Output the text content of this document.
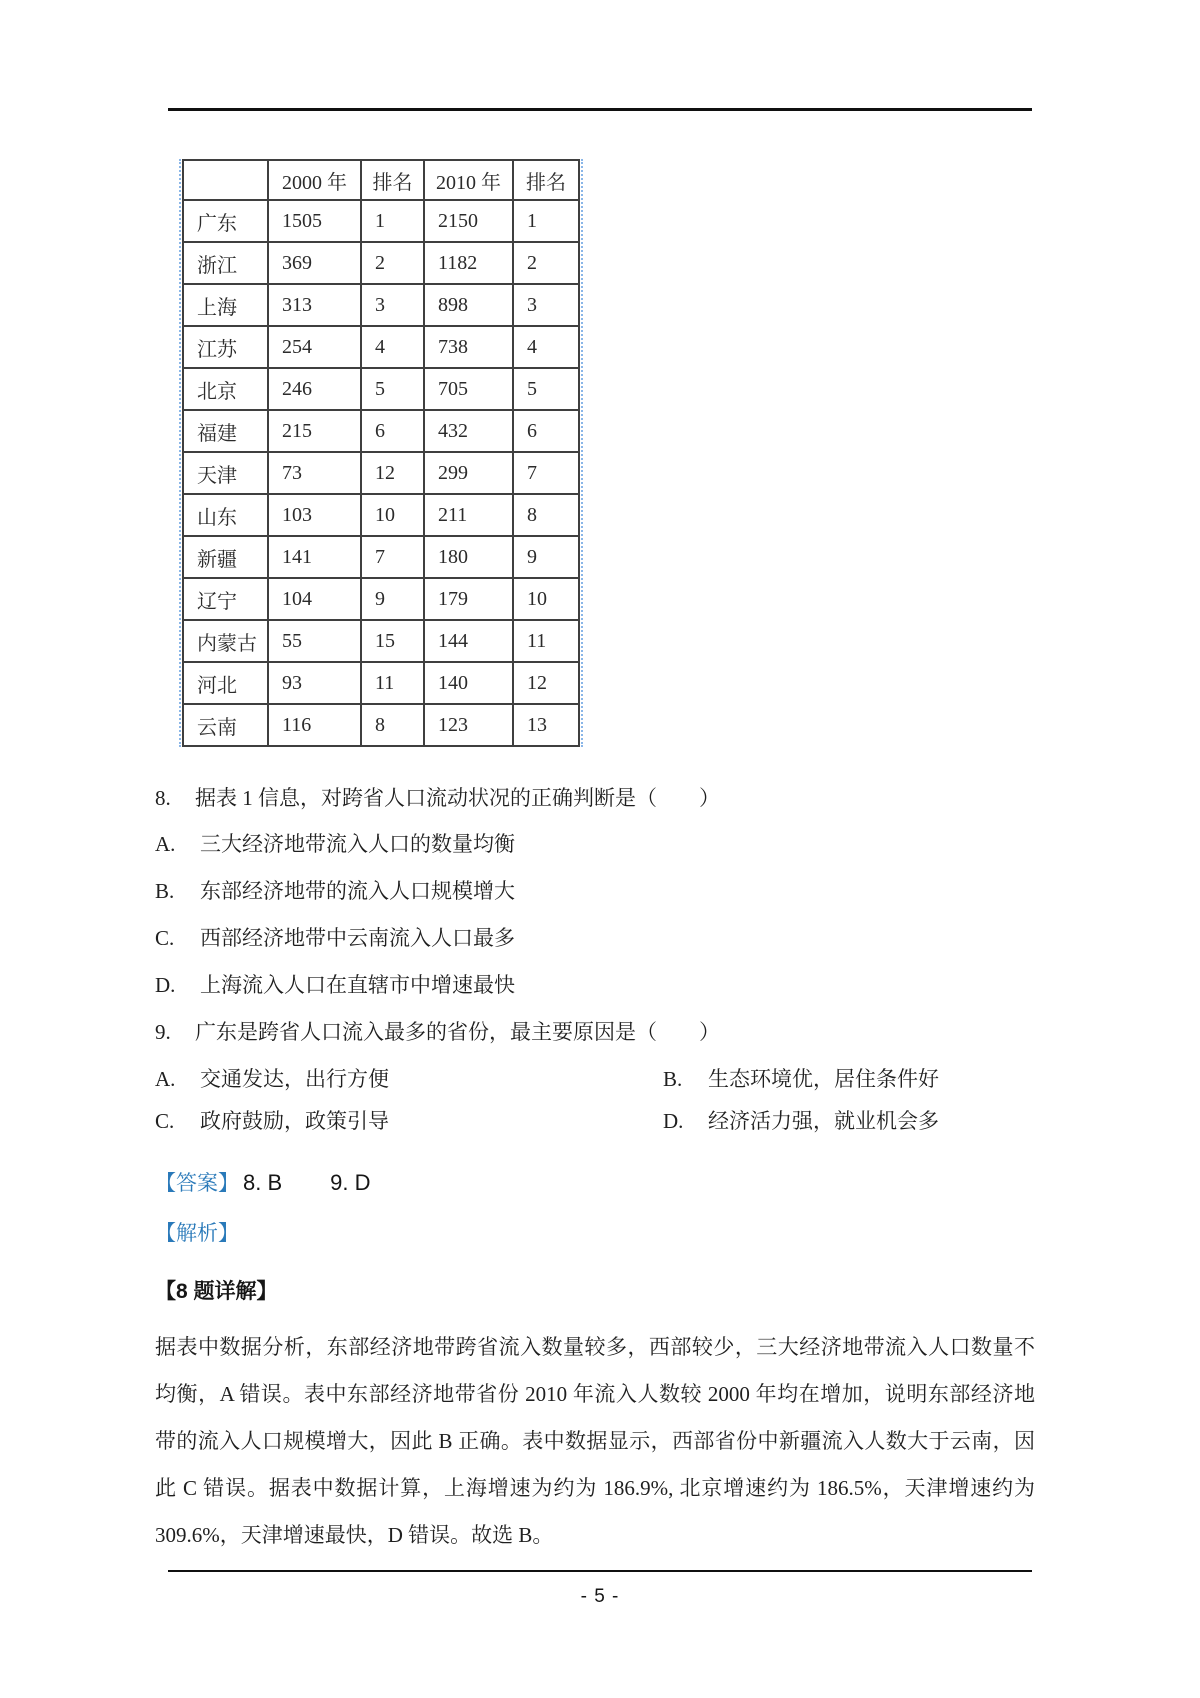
	2000 年	排名	2010 年	排名
广东	1505	1	2150	1
浙江	369	2	1182	2
上海	313	3	898	3
江苏	254	4	738	4
北京	246	5	705	5
福建	215	6	432	6
天津	73	12	299	7
山东	103	10	211	8
新疆	141	7	180	9
辽宁	104	9	179	10
内蒙古	55	15	144	11
河北	93	11	140	12
云南	116	8	123	13
8. 据表 1 信息，对跨省人口流动状况的正确判断是（　　）
A. 三大经济地带流入人口的数量均衡
B. 东部经济地带的流入人口规模增大
C. 西部经济地带中云南流入人口最多
D. 上海流入人口在直辖市中增速最快
9. 广东是跨省人口流入最多的省份，最主要原因是（　　）
A. 交通发达，出行方便	B. 生态环境优，居住条件好
C. 政府鼓励，政策引导	D. 经济活力强，就业机会多
【答案】 8. B 9. D
【解析】
【8 题详解】
据表中数据分析，东部经济地带跨省流入数量较多，西部较少，三大经济地带流入人口数量不均衡，A 错误。表中东部经济地带省份 2010 年流入人数较 2000 年均在增加，说明东部经济地带的流入人口规模增大，因此 B 正确。表中数据显示，西部省份中新疆流入人数大于云南，因此 C 错误。据表中数据计算，上海增速为约为 186.9%, 北京增速约为 186.5%，天津增速约为 309.6%，天津增速最快，D 错误。故选 B。
- 5 -
